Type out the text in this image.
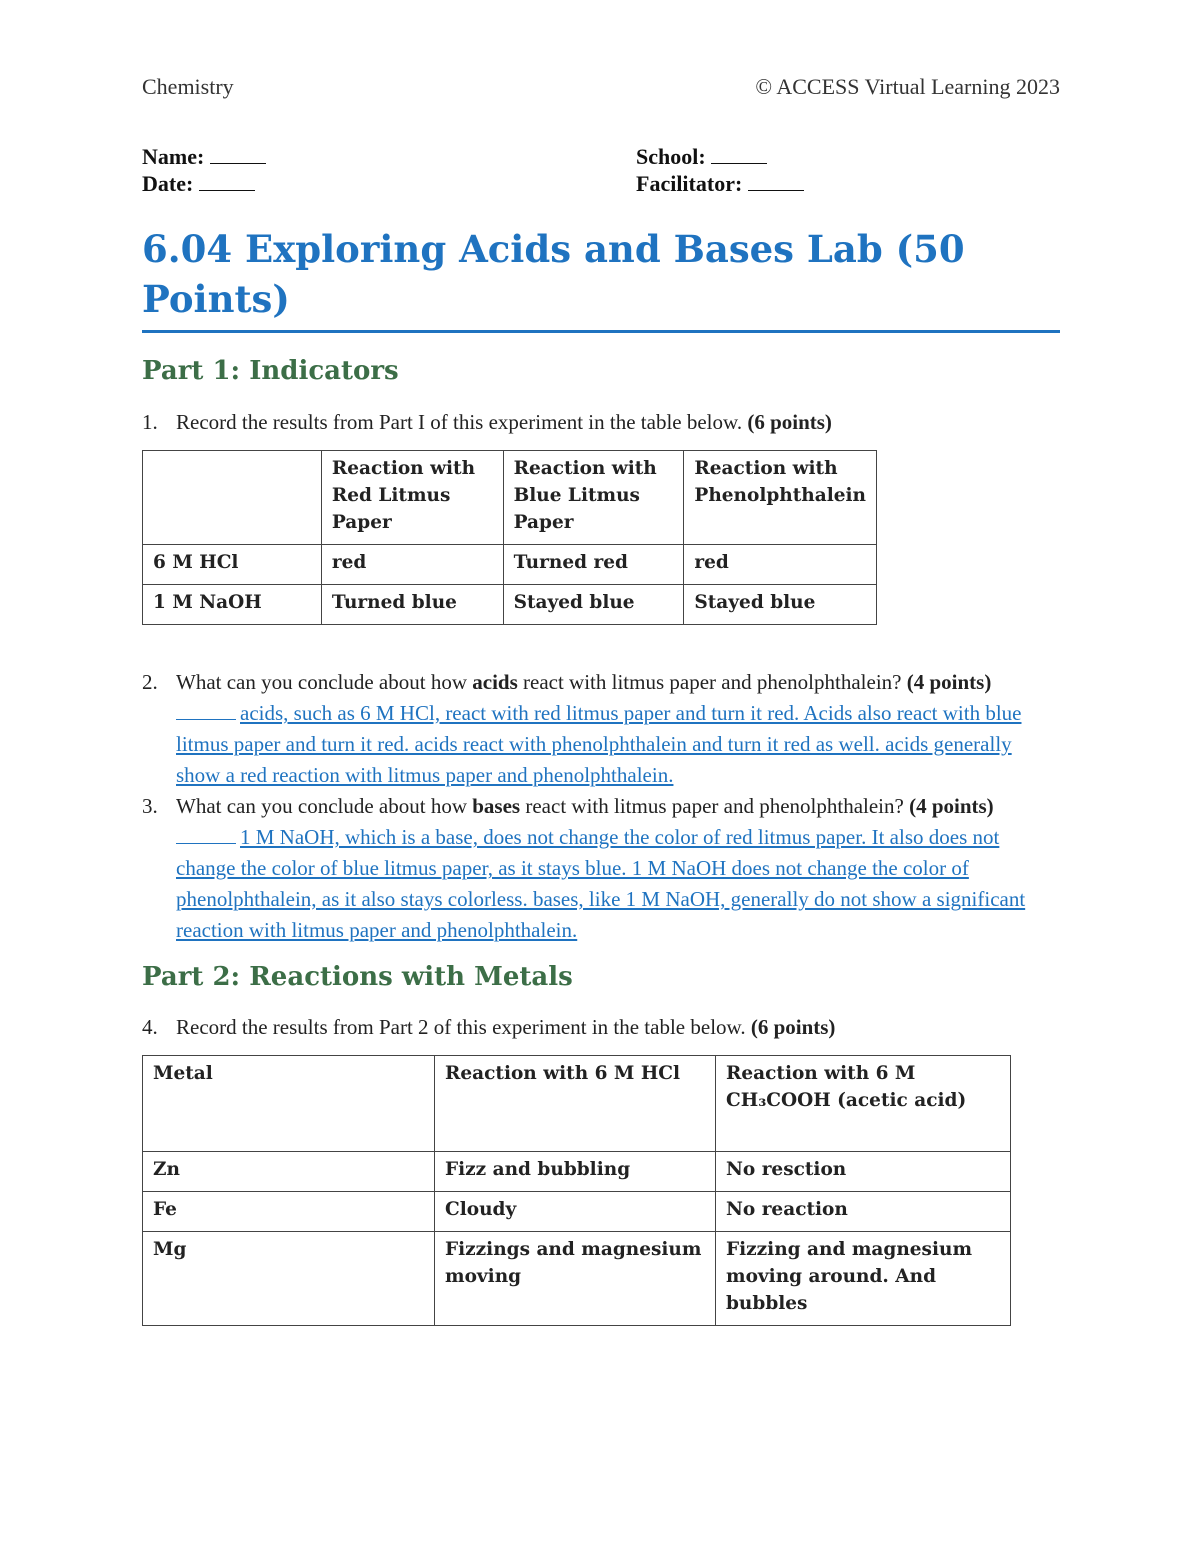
Chemistry	© ACCESS Virtual Learning 2023
Name:	School:
Date:	Facilitator:
6.04 Exploring Acids and Bases Lab (50
Points)
Part 1: Indicators
1. Record the results from Part I of this experiment in the table below. (6 points)
	Reaction with Red Litmus Paper	Reaction with Blue Litmus Paper	Reaction with Phenolphthalein
6 M HCl	red	Turned red	red
1 M NaOH	Turned blue	Stayed blue	Stayed blue
2. What can you conclude about how acids react with litmus paper and phenolphthalein? (4 points) acids, such as 6 M HCl, react with red litmus paper and turn it red. Acids also react with blue litmus paper and turn it red. acids react with phenolphthalein and turn it red as well. acids generally show a red reaction with litmus paper and phenolphthalein.
3. What can you conclude about how bases react with litmus paper and phenolphthalein? (4 points) 1 M NaOH, which is a base, does not change the color of red litmus paper. It also does not change the color of blue litmus paper, as it stays blue. 1 M NaOH does not change the color of phenolphthalein, as it also stays colorless. bases, like 1 M NaOH, generally do not show a significant reaction with litmus paper and phenolphthalein.
Part 2: Reactions with Metals
4. Record the results from Part 2 of this experiment in the table below. (6 points)
Metal	Reaction with 6 M HCl	Reaction with 6 M CH₃COOH (acetic acid)
Zn	Fizz and bubbling	No resction
Fe	Cloudy	No reaction
Mg	Fizzings and magnesium moving	Fizzing and magnesium moving around. And bubbles
